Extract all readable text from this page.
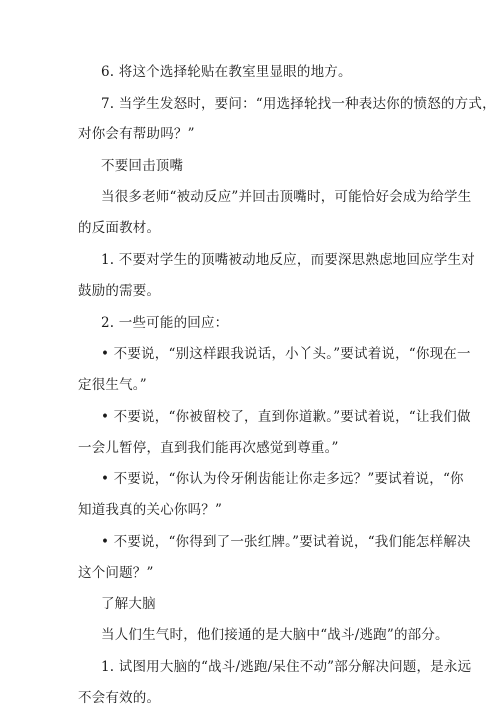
6. 将这个选择轮贴在教室里显眼的地方。
7. 当学生发怒时，要问：“用选择轮找一种表达你的愤怒的方式，
对你会有帮助吗？”
不要回击顶嘴
当很多老师“被动反应”并回击顶嘴时，可能恰好会成为给学生
的反面教材。
1. 不要对学生的顶嘴被动地反应，而要深思熟虑地回应学生对
鼓励的需要。
2. 一些可能的回应：
• 不要说，“别这样跟我说话，小丫头。”要试着说，“你现在一
定很生气。”
• 不要说，“你被留校了，直到你道歉。”要试着说，“让我们做
一会儿暂停，直到我们能再次感觉到尊重。”
• 不要说，“你认为伶牙俐齿能让你走多远？”要试着说，“你
知道我真的关心你吗？”
• 不要说，“你得到了一张红牌。”要试着说，“我们能怎样解决
这个问题？”
了解大脑
当人们生气时，他们接通的是大脑中“战斗/逃跑”的部分。
1. 试图用大脑的“战斗/逃跑/呆住不动”部分解决问题，是永远
不会有效的。
